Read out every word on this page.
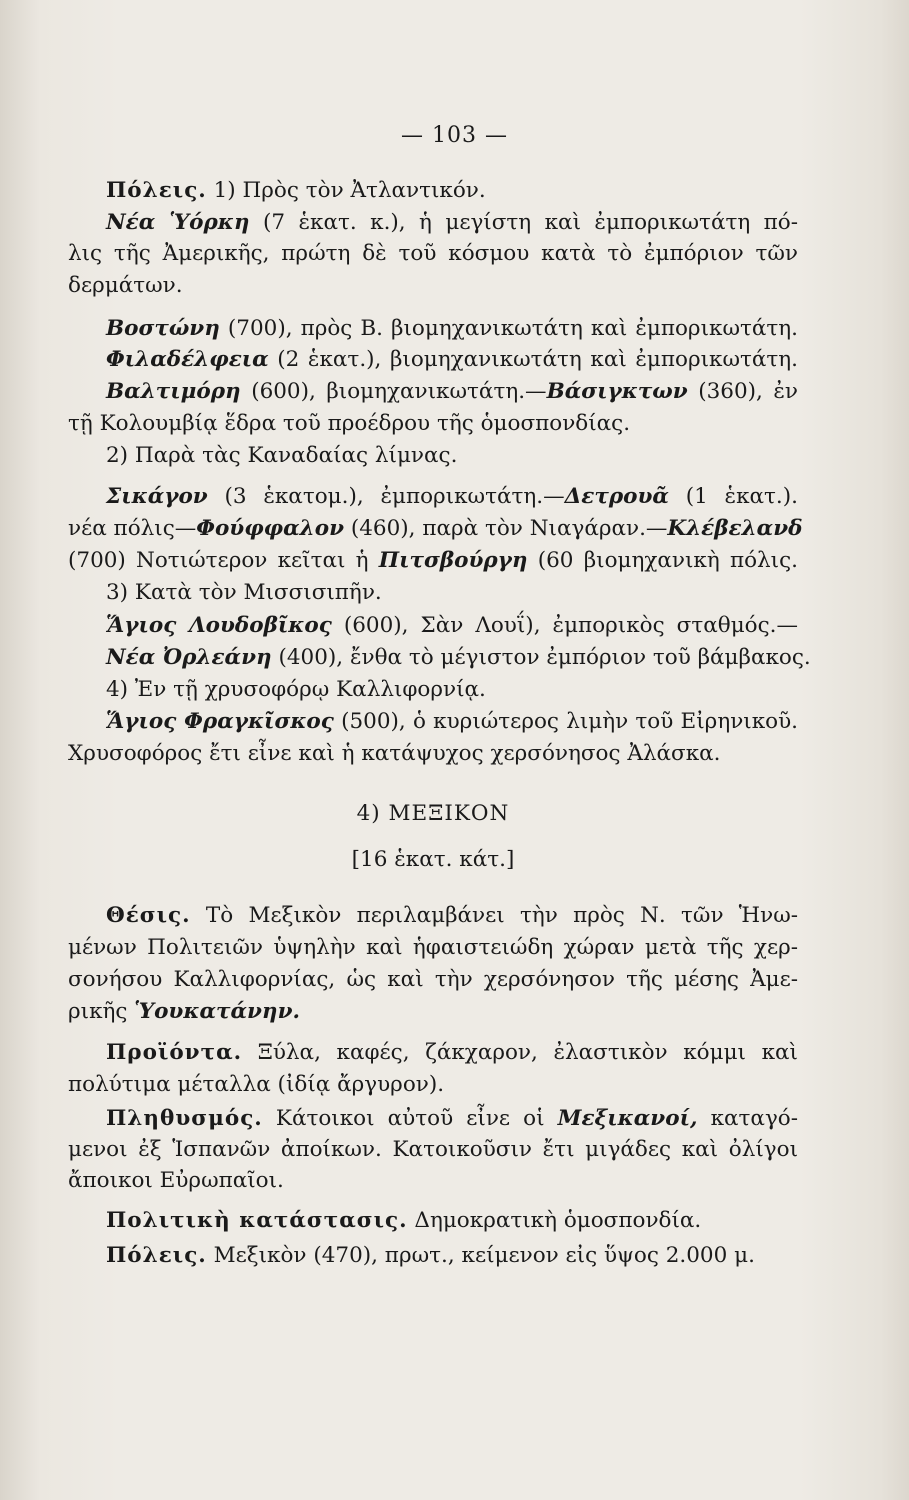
— 103 —
Πόλεις. 1) Πρὸς τὸν Ἀτλαντικόν.
Νέα Ὑόρκη (7 ἑκατ. κ.), ἡ μεγίστη καὶ ἐμπορικωτάτη πό-
λις τῆς Ἀμερικῆς, πρώτη δὲ τοῦ κόσμου κατὰ τὸ ἐμπόριον τῶν
δερμάτων.
Βοστώνη (700), πρὸς Β. βιομηχανικωτάτη καὶ ἐμπορικωτάτη.
Φιλαδέλφεια (2 ἑκατ.), βιομηχανικωτάτη καὶ ἐμπορικωτάτη.
Βαλτιμόρη (600), βιομηχανικωτάτη.—Βάσιγκτων (360), ἐν
τῇ Κολουμβίᾳ ἕδρα τοῦ προέδρου τῆς ὁμοσπονδίας.
2) Παρὰ τὰς Καναδαίας λίμνας.
Σικάγον (3 ἑκατομ.), ἐμπορικωτάτη.—Δετρουᾶ (1 ἑκατ.).
νέα πόλις—Φούφφαλον (460), παρὰ τὸν Νιαγάραν.—Κλέβελανδ
(700) Νοτιώτερον κεῖται ἡ Πιτσβούργη (60 βιομηχανικὴ πόλις.
3) Κατὰ τὸν Μισσισιπῆν.
Ἅγιος Λουδοβῖκος (600), Σὰν Λουΐ), ἐμπορικὸς σταθμός.—
Νέα Ὀρλεάνη (400), ἔνθα τὸ μέγιστον ἐμπόριον τοῦ βάμβακος.
4) Ἐν τῇ χρυσοφόρῳ Καλλιφορνίᾳ.
Ἅγιος Φραγκῖσκος (500), ὁ κυριώτερος λιμὴν τοῦ Εἰρηνικοῦ.
Χρυσοφόρος ἔτι εἶνε καὶ ἡ κατάψυχος χερσόνησος Ἀλάσκα.
4) ΜΕΞΙΚΟΝ
[16 ἑκατ. κάτ.]
Θέσις. Τὸ Μεξικὸν περιλαμβάνει τὴν πρὸς Ν. τῶν Ἡνω-
μένων Πολιτειῶν ὑψηλὴν καὶ ἡφαιστειώδη χώραν μετὰ τῆς χερ-
σονήσου Καλλιφορνίας, ὡς καὶ τὴν χερσόνησον τῆς μέσης Ἀμε-
ρικῆς Ὑουκατάνην.
Προϊόντα. Ξύλα, καφές, ζάκχαρον, ἐλαστικὸν κόμμι καὶ
πολύτιμα μέταλλα (ἰδίᾳ ἄργυρον).
Πληθυσμός. Κάτοικοι αὐτοῦ εἶνε οἱ Μεξικανοί, καταγό-
μενοι ἐξ Ἱσπανῶν ἀποίκων. Κατοικοῦσιν ἔτι μιγάδες καὶ ὀλίγοι
ἄποικοι Εὐρωπαῖοι.
Πολιτικὴ κατάστασις. Δημοκρατικὴ ὁμοσπονδία.
Πόλεις. Μεξικὸν (470), πρωτ., κείμενον εἰς ὕψος 2.000 μ.
